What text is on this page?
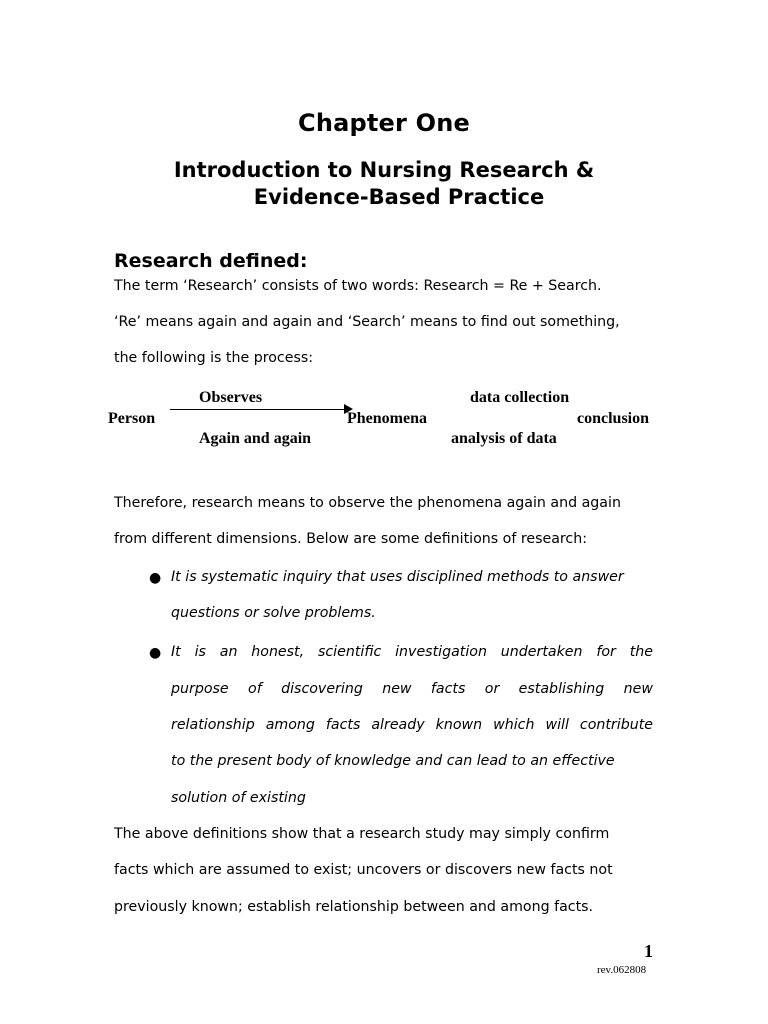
Chapter One
Introduction to Nursing Research &
Evidence-Based Practice
Research defined:

The term ‘Research’ consists of two words: Research = Re + Search.

‘Re’ means again and again and ‘Search’ means to find out something,

the following is the process:

Person
Observes
Again and again
Phenomena
data collection
analysis of data
conclusion

Therefore, research means to observe the phenomena again and again

from different dimensions. Below are some definitions of research:

● It is systematic inquiry that uses disciplined methods to answer

questions or solve problems.

● It is an honest, scientific investigation undertaken for the

purpose of discovering new facts or establishing new

relationship among facts already known which will contribute

to the present body of knowledge and can lead to an effective

solution of existing

The above definitions show that a research study may simply confirm

facts which are assumed to exist; uncovers or discovers new facts not

previously known; establish relationship between and among facts.

1
rev.062808
